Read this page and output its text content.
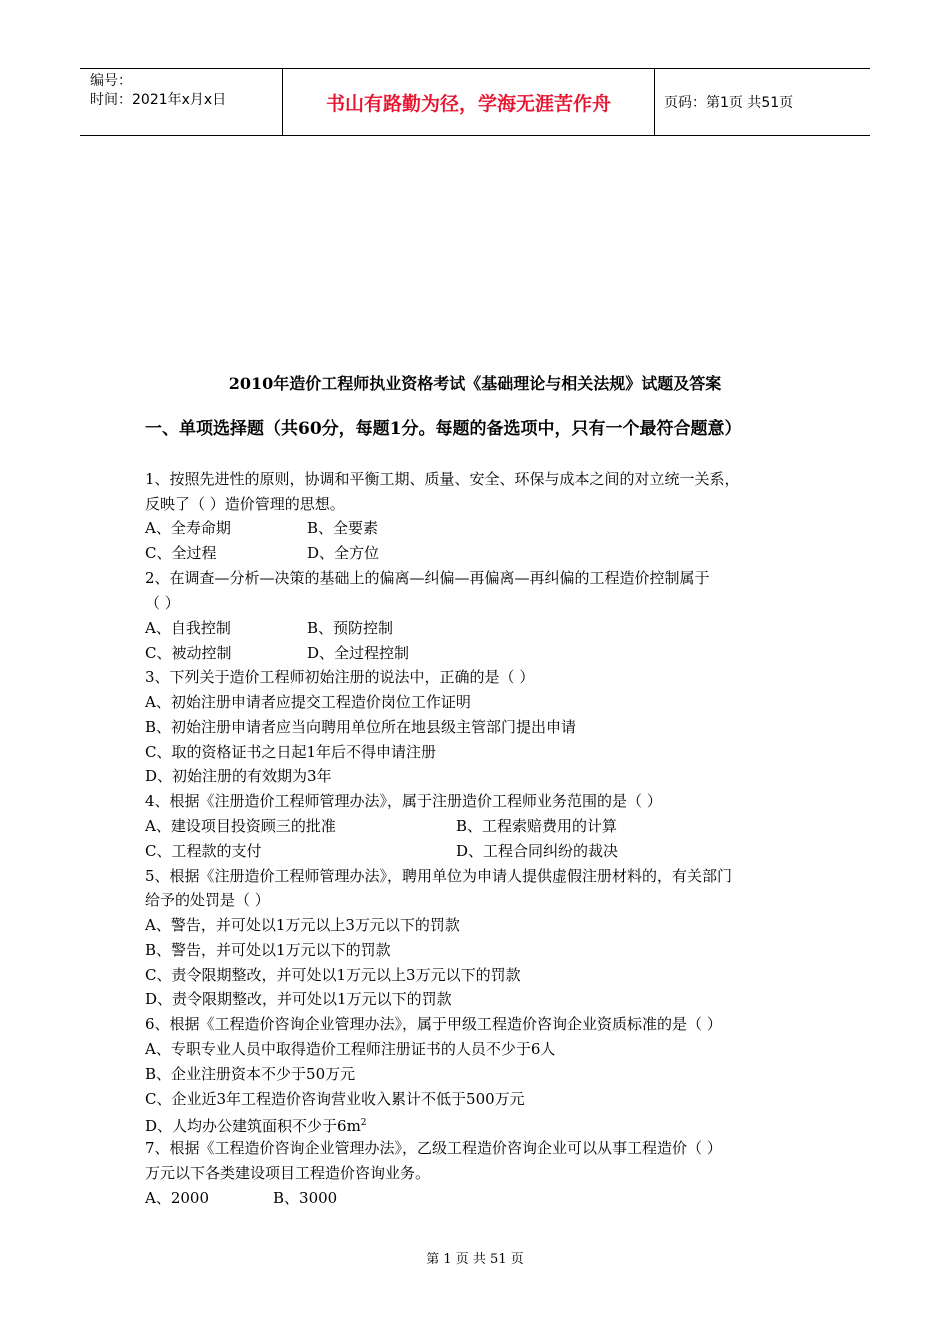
编号：
时间：2021年x月x日	书山有路勤为径，学海无涯苦作舟	页码：第1页 共51页
2010年造价工程师执业资格考试《基础理论与相关法规》试题及答案
一、单项选择题（共60分，每题1分。每题的备选项中，只有一个最符合题意）
1、按照先进性的原则，协调和平衡工期、质量、安全、环保与成本之间的对立统一关系，
反映了（ ）造价管理的思想。
A、全寿命期	B、全要素
C、全过程	D、全方位
2、在调查—分析—决策的基础上的偏离—纠偏—再偏离—再纠偏的工程造价控制属于
（ ）
A、自我控制	B、预防控制
C、被动控制	D、全过程控制
3、下列关于造价工程师初始注册的说法中，正确的是（ ）
A、初始注册申请者应提交工程造价岗位工作证明
B、初始注册申请者应当向聘用单位所在地县级主管部门提出申请
C、取的资格证书之日起1年后不得申请注册
D、初始注册的有效期为3年
4、根据《注册造价工程师管理办法》，属于注册造价工程师业务范围的是（ ）
A、建设项目投资顾三的批准	B、工程索赔费用的计算
C、工程款的支付	D、工程合同纠纷的裁决
5、根据《注册造价工程师管理办法》，聘用单位为申请人提供虚假注册材料的，有关部门
给予的处罚是（ ）
A、警告，并可处以1万元以上3万元以下的罚款
B、警告，并可处以1万元以下的罚款
C、责令限期整改，并可处以1万元以上3万元以下的罚款
D、责令限期整改，并可处以1万元以下的罚款
6、根据《工程造价咨询企业管理办法》，属于甲级工程造价咨询企业资质标准的是（ ）
A、专职专业人员中取得造价工程师注册证书的人员不少于6人
B、企业注册资本不少于50万元
C、企业近3年工程造价咨询营业收入累计不低于500万元
D、人均办公建筑面积不少于$6m^2$
7、根据《工程造价咨询企业管理办法》，乙级工程造价咨询企业可以从事工程造价（ ）
万元以下各类建设项目工程造价咨询业务。
A、2000	B、3000
第 1 页 共 51 页
